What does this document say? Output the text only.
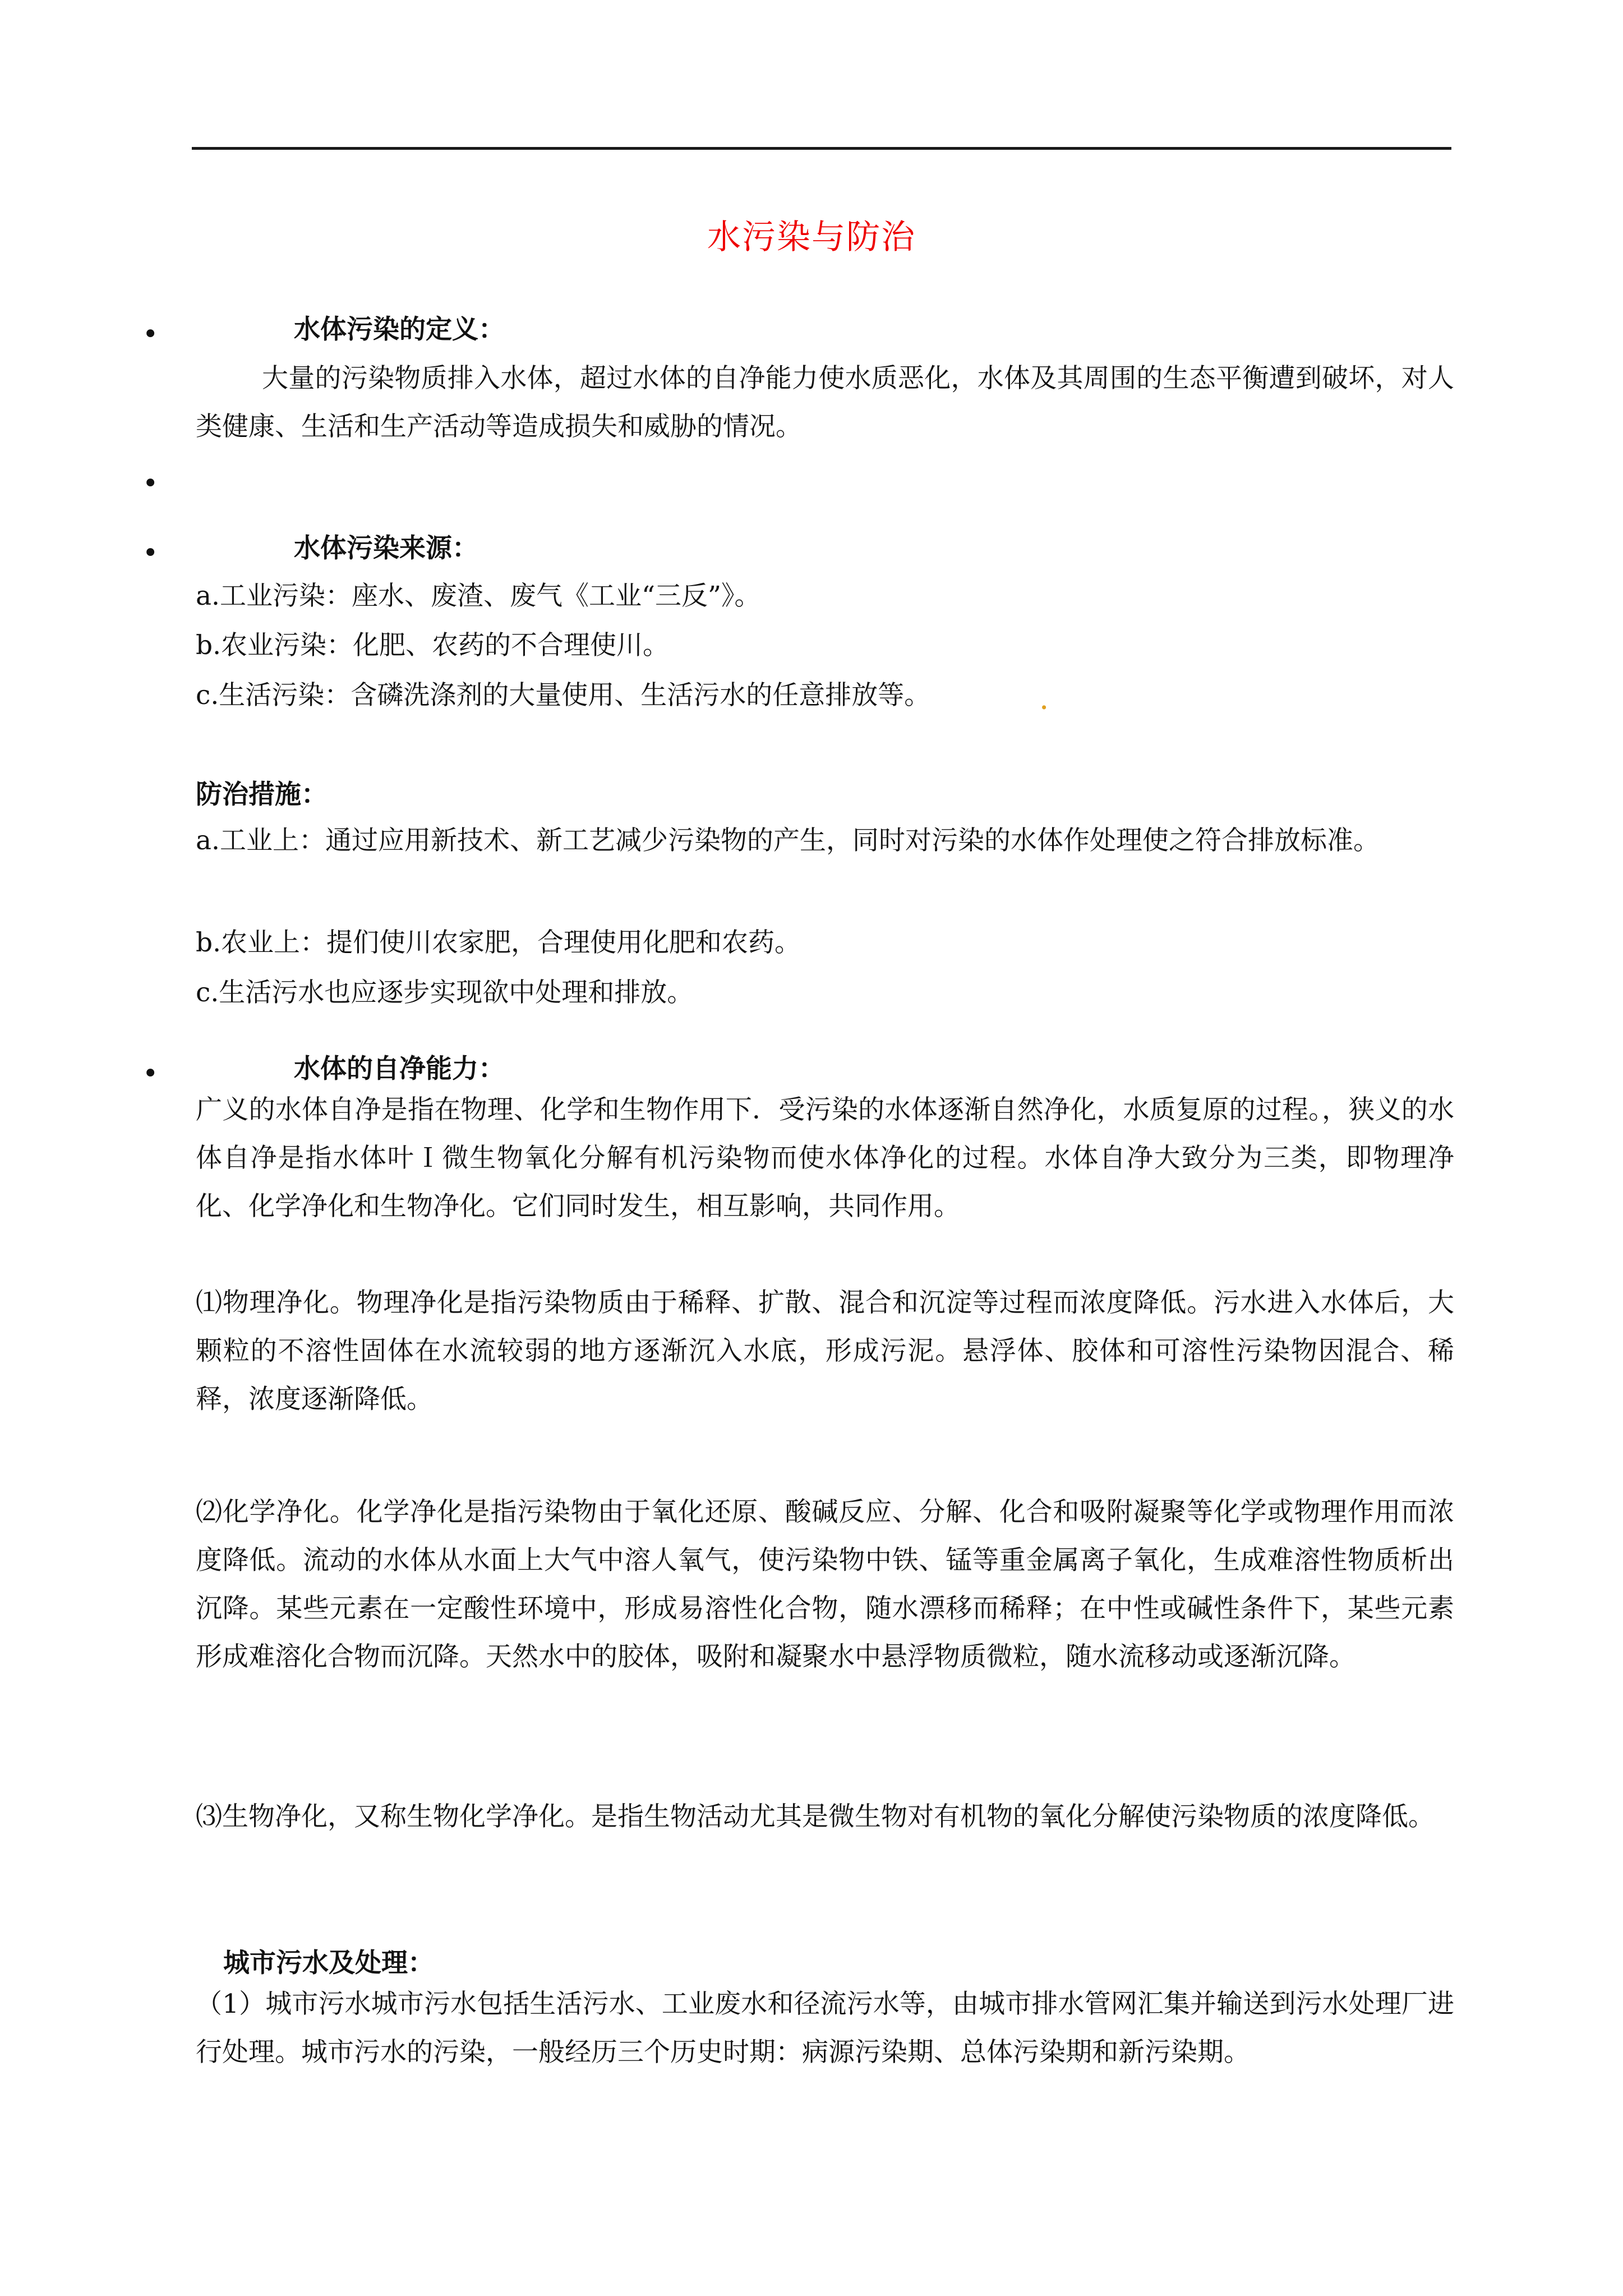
水污染与防治
•	水体污染的定义：
大量的污染物质排入水体，超过水体的自净能力使水质恶化，水体及其周围的生态平衡遭到破坏，对人类健康、生活和生产活动等造成损失和威胁的情况。
•
•	水体污染来源：
a.工业污染：座水、废渣、废气《工业“三反”》。
b.农业污染：化肥、农药的不合理使川。
c.生活污染：含磷洗涤剂的大量使用、生活污水的任意排放等。	.
防治措施：
a.工业上：通过应用新技术、新工艺减少污染物的产生，同时对污染的水体作处理使之符合排放标准。
b.农业上：提们使川农家肥，合理使用化肥和农药。
c.生活污水也应逐步实现欲中处理和排放。
•	水体的自净能力：
广义的水体自净是指在物理、化学和生物作用下．受污染的水体逐渐自然净化，水质复原的过程。，狭义的水体自净是指水体叶Ｉ微生物氧化分解有机污染物而使水体净化的过程。水体自净大致分为三类，即物理净化、化学净化和生物净化。它们同时发生，相互影响，共同作用。
⑴物理净化。物理净化是指污染物质由于稀释、扩散、混合和沉淀等过程而浓度降低。污水进入水体后，大颗粒的不溶性固体在水流较弱的地方逐渐沉入水底，形成污泥。悬浮体、胶体和可溶性污染物因混合、稀释，浓度逐渐降低。
⑵化学净化。化学净化是指污染物由于氧化还原、酸碱反应、分解、化合和吸附凝聚等化学或物理作用而浓度降低。流动的水体从水面上大气中溶人氧气，使污染物中铁、锰等重金属离子氧化，生成难溶性物质析出沉降。某些元素在一定酸性环境中，形成易溶性化合物，随水漂移而稀释；在中性或碱性条件下，某些元素形成难溶化合物而沉降。天然水中的胶体，吸附和凝聚水中悬浮物质微粒，随水流移动或逐渐沉降。
⑶生物净化，又称生物化学净化。是指生物活动尤其是微生物对有机物的氧化分解使污染物质的浓度降低。
城市污水及处理：
（1）城市污水城市污水包括生活污水、工业废水和径流污水等，由城市排水管网汇集并输送到污水处理厂进行处理。城市污水的污染，一般经历三个历史时期：病源污染期、总体污染期和新污染期。
